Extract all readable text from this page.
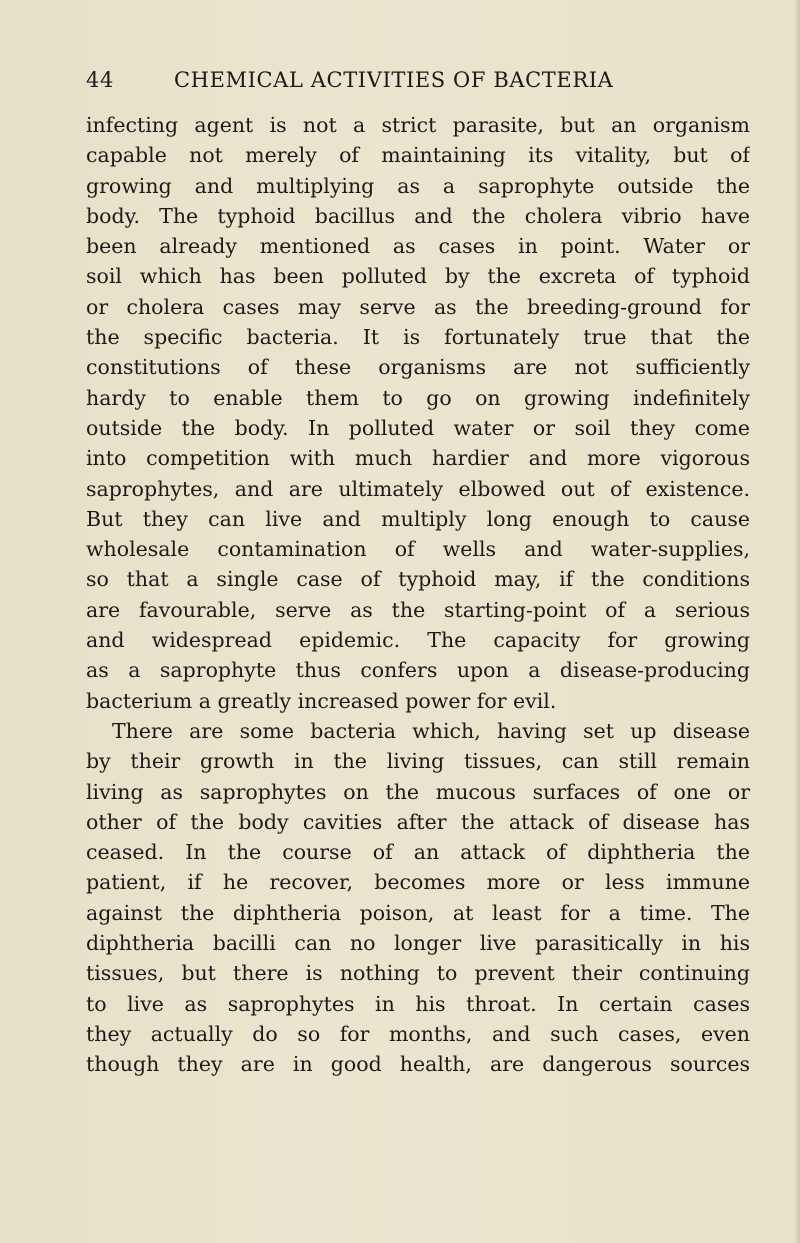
44	CHEMICAL ACTIVITIES OF BACTERIA
infecting agent is not a strict parasite, but an organism
capable not merely of maintaining its vitality, but of
growing and multiplying as a saprophyte outside the
body. The typhoid bacillus and the cholera vibrio have
been already mentioned as cases in point. Water or
soil which has been polluted by the excreta of typhoid
or cholera cases may serve as the breeding-ground for
the specific bacteria. It is fortunately true that the
constitutions of these organisms are not sufficiently
hardy to enable them to go on growing indefinitely
outside the body. In polluted water or soil they come
into competition with much hardier and more vigorous
saprophytes, and are ultimately elbowed out of existence.
But they can live and multiply long enough to cause
wholesale contamination of wells and water-supplies,
so that a single case of typhoid may, if the conditions
are favourable, serve as the starting-point of a serious
and widespread epidemic. The capacity for growing
as a saprophyte thus confers upon a disease-producing
bacterium a greatly increased power for evil.
There are some bacteria which, having set up disease
by their growth in the living tissues, can still remain
living as saprophytes on the mucous surfaces of one or
other of the body cavities after the attack of disease has
ceased. In the course of an attack of diphtheria the
patient, if he recover, becomes more or less immune
against the diphtheria poison, at least for a time. The
diphtheria bacilli can no longer live parasitically in his
tissues, but there is nothing to prevent their continuing
to live as saprophytes in his throat. In certain cases
they actually do so for months, and such cases, even
though they are in good health, are dangerous sources
